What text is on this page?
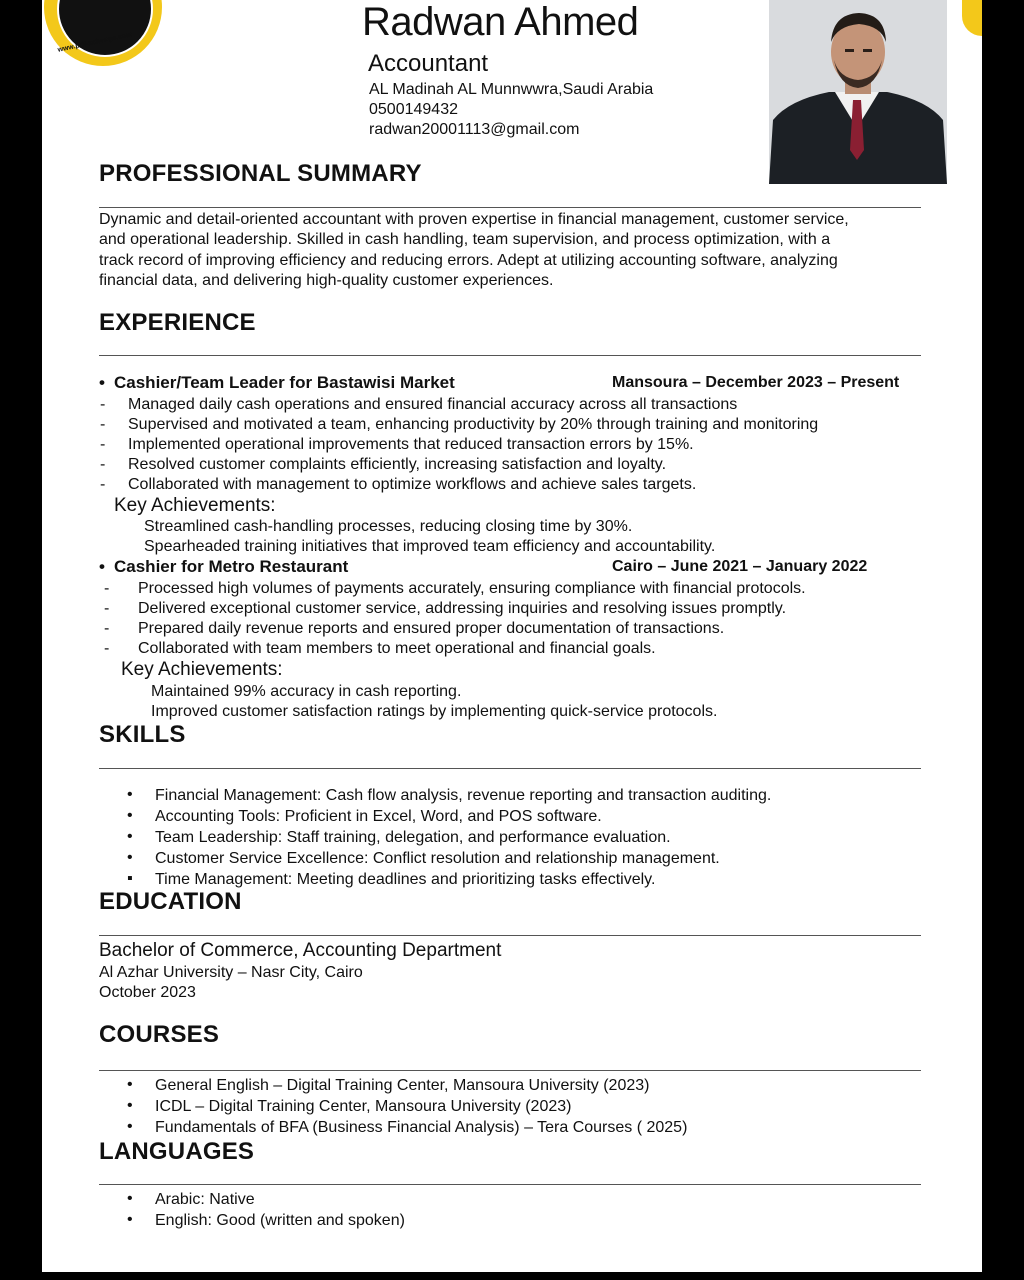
www.pdf-xchange.com	Radwan Ahmed
Accountant
AL Madinah AL Munnwwra,Saudi Arabia
0500149432
radwan20001113@gmail.com
PROFESSIONAL SUMMARY
Dynamic and detail-oriented accountant with proven expertise in financial management, customer service,
and operational leadership. Skilled in cash handling, team supervision, and process optimization, with a
track record of improving efficiency and reducing errors. Adept at utilizing accounting software, analyzing
financial data, and delivering high-quality customer experiences.
EXPERIENCE
• Cashier/Team Leader for Bastawisi Market	Mansoura – December 2023 – Present
- Managed daily cash operations and ensured financial accuracy across all transactions
- Supervised and motivated a team, enhancing productivity by 20% through training and monitoring
- Implemented operational improvements that reduced transaction errors by 15%.
- Resolved customer complaints efficiently, increasing satisfaction and loyalty.
- Collaborated with management to optimize workflows and achieve sales targets.
Key Achievements:
Streamlined cash-handling processes, reducing closing time by 30%.
Spearheaded training initiatives that improved team efficiency and accountability.
• Cashier for Metro Restaurant	Cairo – June 2021 – January 2022
- Processed high volumes of payments accurately, ensuring compliance with financial protocols.
- Delivered exceptional customer service, addressing inquiries and resolving issues promptly.
- Prepared daily revenue reports and ensured proper documentation of transactions.
- Collaborated with team members to meet operational and financial goals.
Key Achievements:
Maintained 99% accuracy in cash reporting.
Improved customer satisfaction ratings by implementing quick-service protocols.
SKILLS
• Financial Management: Cash flow analysis, revenue reporting and transaction auditing.
• Accounting Tools: Proficient in Excel, Word, and POS software.
• Team Leadership: Staff training, delegation, and performance evaluation.
• Customer Service Excellence: Conflict resolution and relationship management.
▪ Time Management: Meeting deadlines and prioritizing tasks effectively.
EDUCATION
Bachelor of Commerce, Accounting Department
Al Azhar University – Nasr City, Cairo
October 2023
COURSES
• General English – Digital Training Center, Mansoura University (2023)
• ICDL – Digital Training Center, Mansoura University (2023)
• Fundamentals of BFA (Business Financial Analysis) – Tera Courses ( 2025)
LANGUAGES
• Arabic: Native
• English: Good (written and spoken)
